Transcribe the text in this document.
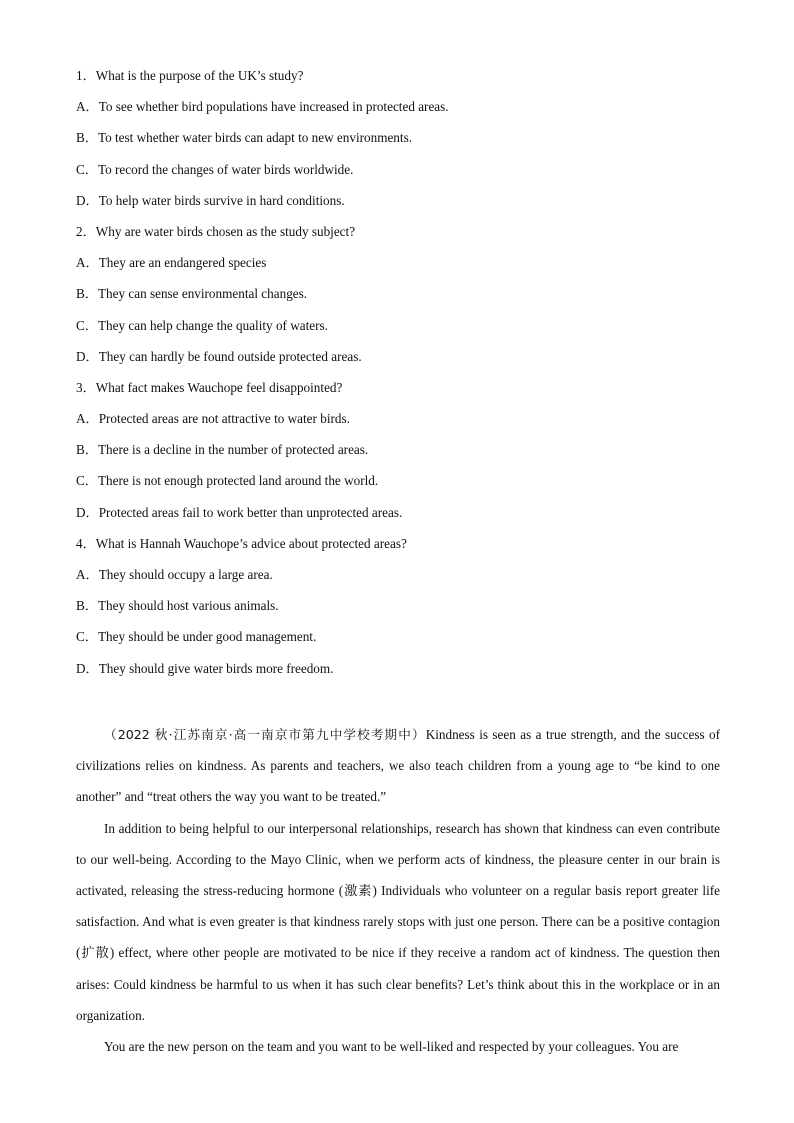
1．What is the purpose of the UK’s study?
A．To see whether bird populations have increased in protected areas.
B．To test whether water birds can adapt to new environments.
C．To record the changes of water birds worldwide.
D．To help water birds survive in hard conditions.
2．Why are water birds chosen as the study subject?
A．They are an endangered species
B．They can sense environmental changes.
C．They can help change the quality of waters.
D．They can hardly be found outside protected areas.
3．What fact makes Wauchope feel disappointed?
A．Protected areas are not attractive to water birds.
B．There is a decline in the number of protected areas.
C．There is not enough protected land around the world.
D．Protected areas fail to work better than unprotected areas.
4．What is Hannah Wauchope’s advice about protected areas?
A．They should occupy a large area.
B．They should host various animals.
C．They should be under good management.
D．They should give water birds more freedom.

（2022 秋·江苏南京·高一南京市第九中学校考期中）Kindness is seen as a true strength, and the success of civilizations relies on kindness. As parents and teachers, we also teach children from a young age to “be kind to one another” and “treat others the way you want to be treated.”

In addition to being helpful to our interpersonal relationships, research has shown that kindness can even contribute to our well-being. According to the Mayo Clinic, when we perform acts of kindness, the pleasure center in our brain is activated, releasing the stress-reducing hormone (激素) Individuals who volunteer on a regular basis report greater life satisfaction. And what is even greater is that kindness rarely stops with just one person. There can be a positive contagion (扩散) effect, where other people are motivated to be nice if they receive a random act of kindness. The question then arises: Could kindness be harmful to us when it has such clear benefits? Let’s think about this in the workplace or in an organization.

You are the new person on the team and you want to be well-liked and respected by your colleagues. You are
